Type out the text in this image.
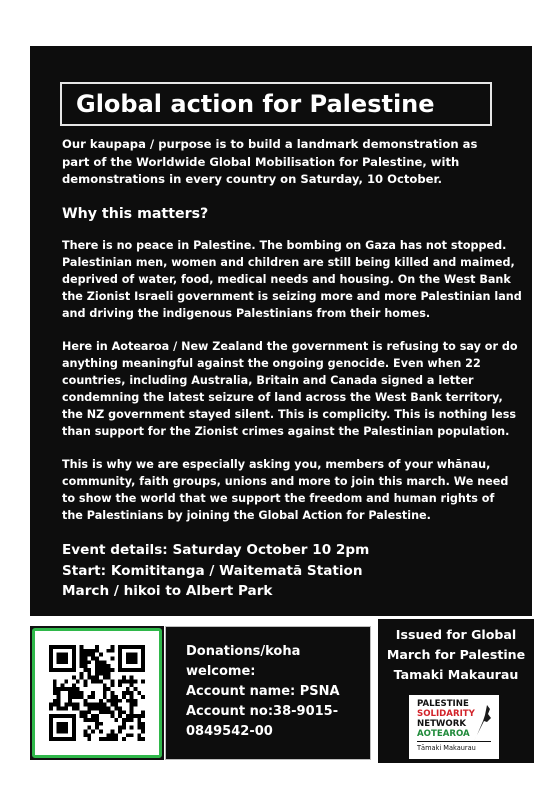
Global action for Palestine
Our kaupapa / purpose is to build a landmark demonstration as
part of the Worldwide Global Mobilisation for Palestine, with
demonstrations in every country on Saturday, 10 October.
Why this matters?
There is no peace in Palestine. The bombing on Gaza has not stopped.
Palestinian men, women and children are still being killed and maimed,
deprived of water, food, medical needs and housing. On the West Bank
the Zionist Israeli government is seizing more and more Palestinian land
and driving the indigenous Palestinians from their homes.
Here in Aotearoa / New Zealand the government is refusing to say or do
anything meaningful against the ongoing genocide. Even when 22
countries, including Australia, Britain and Canada signed a letter
condemning the latest seizure of land across the West Bank territory,
the NZ government stayed silent. This is complicity. This is nothing less
than support for the Zionist crimes against the Palestinian population.
This is why we are especially asking you, members of your whānau,
community, faith groups, unions and more to join this march. We need
to show the world that we support the freedom and human rights of
the Palestinians by joining the Global Action for Palestine.
Event details: Saturday October 10 2pm
Start: Komititanga / Waitematā Station
March / hikoi to Albert Park
Donations/koha
welcome:
Account name: PSNA
Account no:38-9015-
0849542-00
Issued for Global
March for Palestine
Tamaki Makaurau
PALESTINE
SOLIDARITY
NETWORK
AOTEAROA
Tāmaki Makaurau
